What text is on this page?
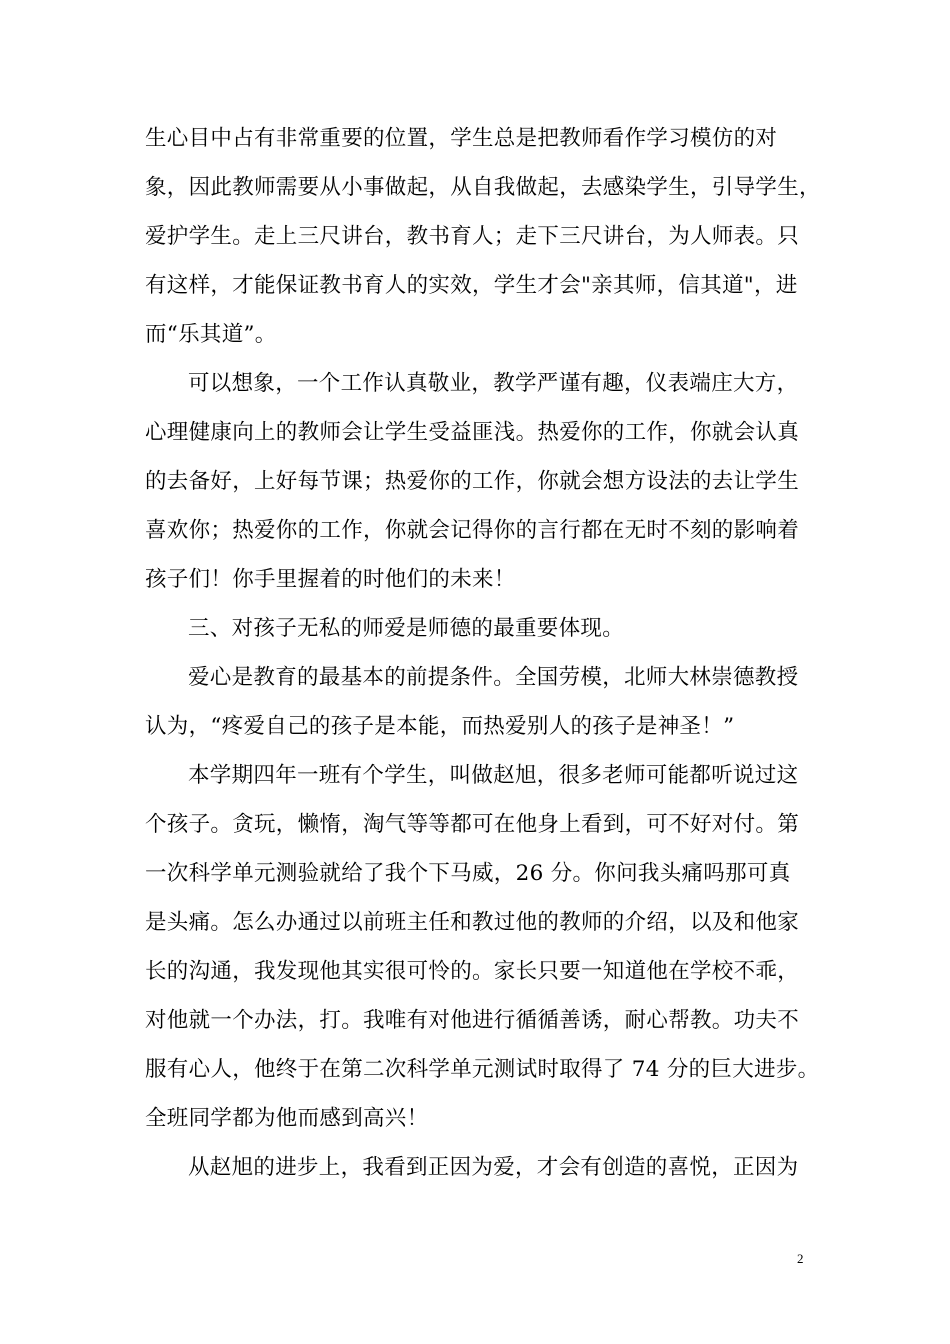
生心目中占有非常重要的位置，学生总是把教师看作学习模仿的对
象，因此教师需要从小事做起，从自我做起，去感染学生，引导学生，
爱护学生。走上三尺讲台，教书育人；走下三尺讲台，为人师表。只
有这样，才能保证教书育人的实效，学生才会"亲其师，信其道"，进
而“乐其道”。
可以想象，一个工作认真敬业，教学严谨有趣，仪表端庄大方，
心理健康向上的教师会让学生受益匪浅。热爱你的工作，你就会认真
的去备好，上好每节课；热爱你的工作，你就会想方设法的去让学生
喜欢你；热爱你的工作，你就会记得你的言行都在无时不刻的影响着
孩子们！你手里握着的时他们的未来！
三、对孩子无私的师爱是师德的最重要体现。
爱心是教育的最基本的前提条件。全国劳模，北师大林崇德教授
认为，“疼爱自己的孩子是本能，而热爱别人的孩子是神圣！”
本学期四年一班有个学生，叫做赵旭，很多老师可能都听说过这
个孩子。贪玩，懒惰，淘气等等都可在他身上看到，可不好对付。第
一次科学单元测验就给了我个下马威，26 分。你问我头痛吗那可真
是头痛。怎么办通过以前班主任和教过他的教师的介绍，以及和他家
长的沟通，我发现他其实很可怜的。家长只要一知道他在学校不乖，
对他就一个办法，打。我唯有对他进行循循善诱，耐心帮教。功夫不
服有心人，他终于在第二次科学单元测试时取得了 74 分的巨大进步。
全班同学都为他而感到高兴！
从赵旭的进步上，我看到正因为爱，才会有创造的喜悦，正因为
2
